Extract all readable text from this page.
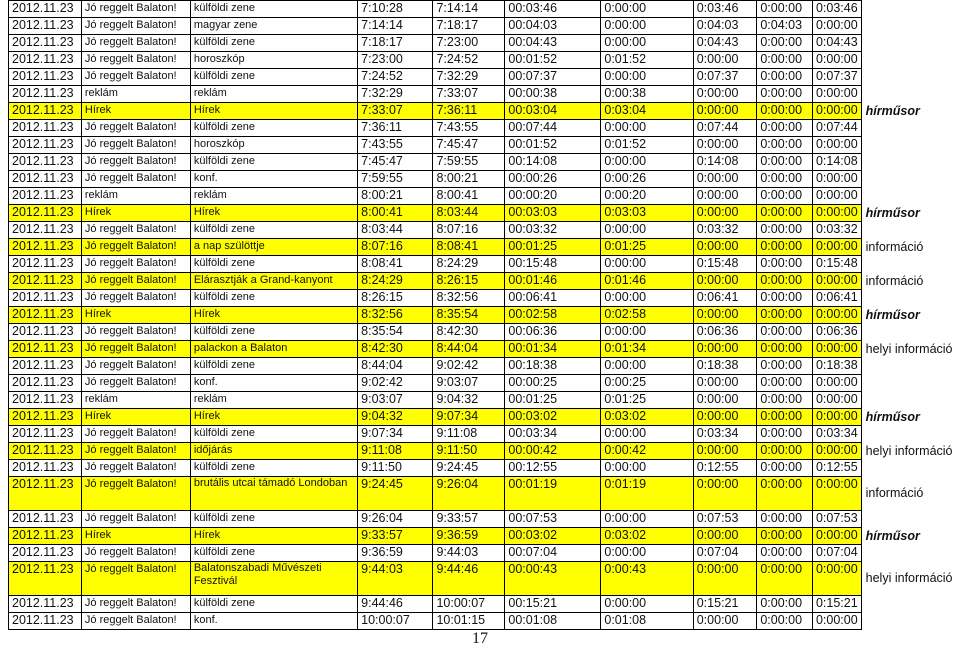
2012.11.23	Jó reggelt Balaton!	külföldi zene	7:10:28	7:14:14	00:03:46	0:00:00	0:03:46	0:00:00	0:03:46	
2012.11.23	Jó reggelt Balaton!	magyar zene	7:14:14	7:18:17	00:04:03	0:00:00	0:04:03	0:04:03	0:00:00	
2012.11.23	Jó reggelt Balaton!	külföldi zene	7:18:17	7:23:00	00:04:43	0:00:00	0:04:43	0:00:00	0:04:43	
2012.11.23	Jó reggelt Balaton!	horoszkóp	7:23:00	7:24:52	00:01:52	0:01:52	0:00:00	0:00:00	0:00:00	
2012.11.23	Jó reggelt Balaton!	külföldi zene	7:24:52	7:32:29	00:07:37	0:00:00	0:07:37	0:00:00	0:07:37	
2012.11.23	reklám	reklám	7:32:29	7:33:07	00:00:38	0:00:38	0:00:00	0:00:00	0:00:00	
2012.11.23	Hírek	Hírek	7:33:07	7:36:11	00:03:04	0:03:04	0:00:00	0:00:00	0:00:00	hírműsor
2012.11.23	Jó reggelt Balaton!	külföldi zene	7:36:11	7:43:55	00:07:44	0:00:00	0:07:44	0:00:00	0:07:44	
2012.11.23	Jó reggelt Balaton!	horoszkóp	7:43:55	7:45:47	00:01:52	0:01:52	0:00:00	0:00:00	0:00:00	
2012.11.23	Jó reggelt Balaton!	külföldi zene	7:45:47	7:59:55	00:14:08	0:00:00	0:14:08	0:00:00	0:14:08	
2012.11.23	Jó reggelt Balaton!	konf.	7:59:55	8:00:21	00:00:26	0:00:26	0:00:00	0:00:00	0:00:00	
2012.11.23	reklám	reklám	8:00:21	8:00:41	00:00:20	0:00:20	0:00:00	0:00:00	0:00:00	
2012.11.23	Hírek	Hírek	8:00:41	8:03:44	00:03:03	0:03:03	0:00:00	0:00:00	0:00:00	hírműsor
2012.11.23	Jó reggelt Balaton!	külföldi zene	8:03:44	8:07:16	00:03:32	0:00:00	0:03:32	0:00:00	0:03:32	
2012.11.23	Jó reggelt Balaton!	a nap szülöttje	8:07:16	8:08:41	00:01:25	0:01:25	0:00:00	0:00:00	0:00:00	információ
2012.11.23	Jó reggelt Balaton!	külföldi zene	8:08:41	8:24:29	00:15:48	0:00:00	0:15:48	0:00:00	0:15:48	
2012.11.23	Jó reggelt Balaton!	Elárasztják a Grand-kanyont	8:24:29	8:26:15	00:01:46	0:01:46	0:00:00	0:00:00	0:00:00	információ
2012.11.23	Jó reggelt Balaton!	külföldi zene	8:26:15	8:32:56	00:06:41	0:00:00	0:06:41	0:00:00	0:06:41	
2012.11.23	Hírek	Hírek	8:32:56	8:35:54	00:02:58	0:02:58	0:00:00	0:00:00	0:00:00	hírműsor
2012.11.23	Jó reggelt Balaton!	külföldi zene	8:35:54	8:42:30	00:06:36	0:00:00	0:06:36	0:00:00	0:06:36	
2012.11.23	Jó reggelt Balaton!	palackon a Balaton	8:42:30	8:44:04	00:01:34	0:01:34	0:00:00	0:00:00	0:00:00	helyi információ
2012.11.23	Jó reggelt Balaton!	külföldi zene	8:44:04	9:02:42	00:18:38	0:00:00	0:18:38	0:00:00	0:18:38	
2012.11.23	Jó reggelt Balaton!	konf.	9:02:42	9:03:07	00:00:25	0:00:25	0:00:00	0:00:00	0:00:00	
2012.11.23	reklám	reklám	9:03:07	9:04:32	00:01:25	0:01:25	0:00:00	0:00:00	0:00:00	
2012.11.23	Hírek	Hírek	9:04:32	9:07:34	00:03:02	0:03:02	0:00:00	0:00:00	0:00:00	hírműsor
2012.11.23	Jó reggelt Balaton!	külföldi zene	9:07:34	9:11:08	00:03:34	0:00:00	0:03:34	0:00:00	0:03:34	
2012.11.23	Jó reggelt Balaton!	időjárás	9:11:08	9:11:50	00:00:42	0:00:42	0:00:00	0:00:00	0:00:00	helyi információ
2012.11.23	Jó reggelt Balaton!	külföldi zene	9:11:50	9:24:45	00:12:55	0:00:00	0:12:55	0:00:00	0:12:55	
2012.11.23	Jó reggelt Balaton!	brutális utcai támadó Londoban	9:24:45	9:26:04	00:01:19	0:01:19	0:00:00	0:00:00	0:00:00	információ
2012.11.23	Jó reggelt Balaton!	külföldi zene	9:26:04	9:33:57	00:07:53	0:00:00	0:07:53	0:00:00	0:07:53	
2012.11.23	Hírek	Hírek	9:33:57	9:36:59	00:03:02	0:03:02	0:00:00	0:00:00	0:00:00	hírműsor
2012.11.23	Jó reggelt Balaton!	külföldi zene	9:36:59	9:44:03	00:07:04	0:00:00	0:07:04	0:00:00	0:07:04	
2012.11.23	Jó reggelt Balaton!	Balatonszabadi Művészeti Fesztivál	9:44:03	9:44:46	00:00:43	0:00:43	0:00:00	0:00:00	0:00:00	helyi információ
2012.11.23	Jó reggelt Balaton!	külföldi zene	9:44:46	10:00:07	00:15:21	0:00:00	0:15:21	0:00:00	0:15:21	
2012.11.23	Jó reggelt Balaton!	konf.	10:00:07	10:01:15	00:01:08	0:01:08	0:00:00	0:00:00	0:00:00	
17
